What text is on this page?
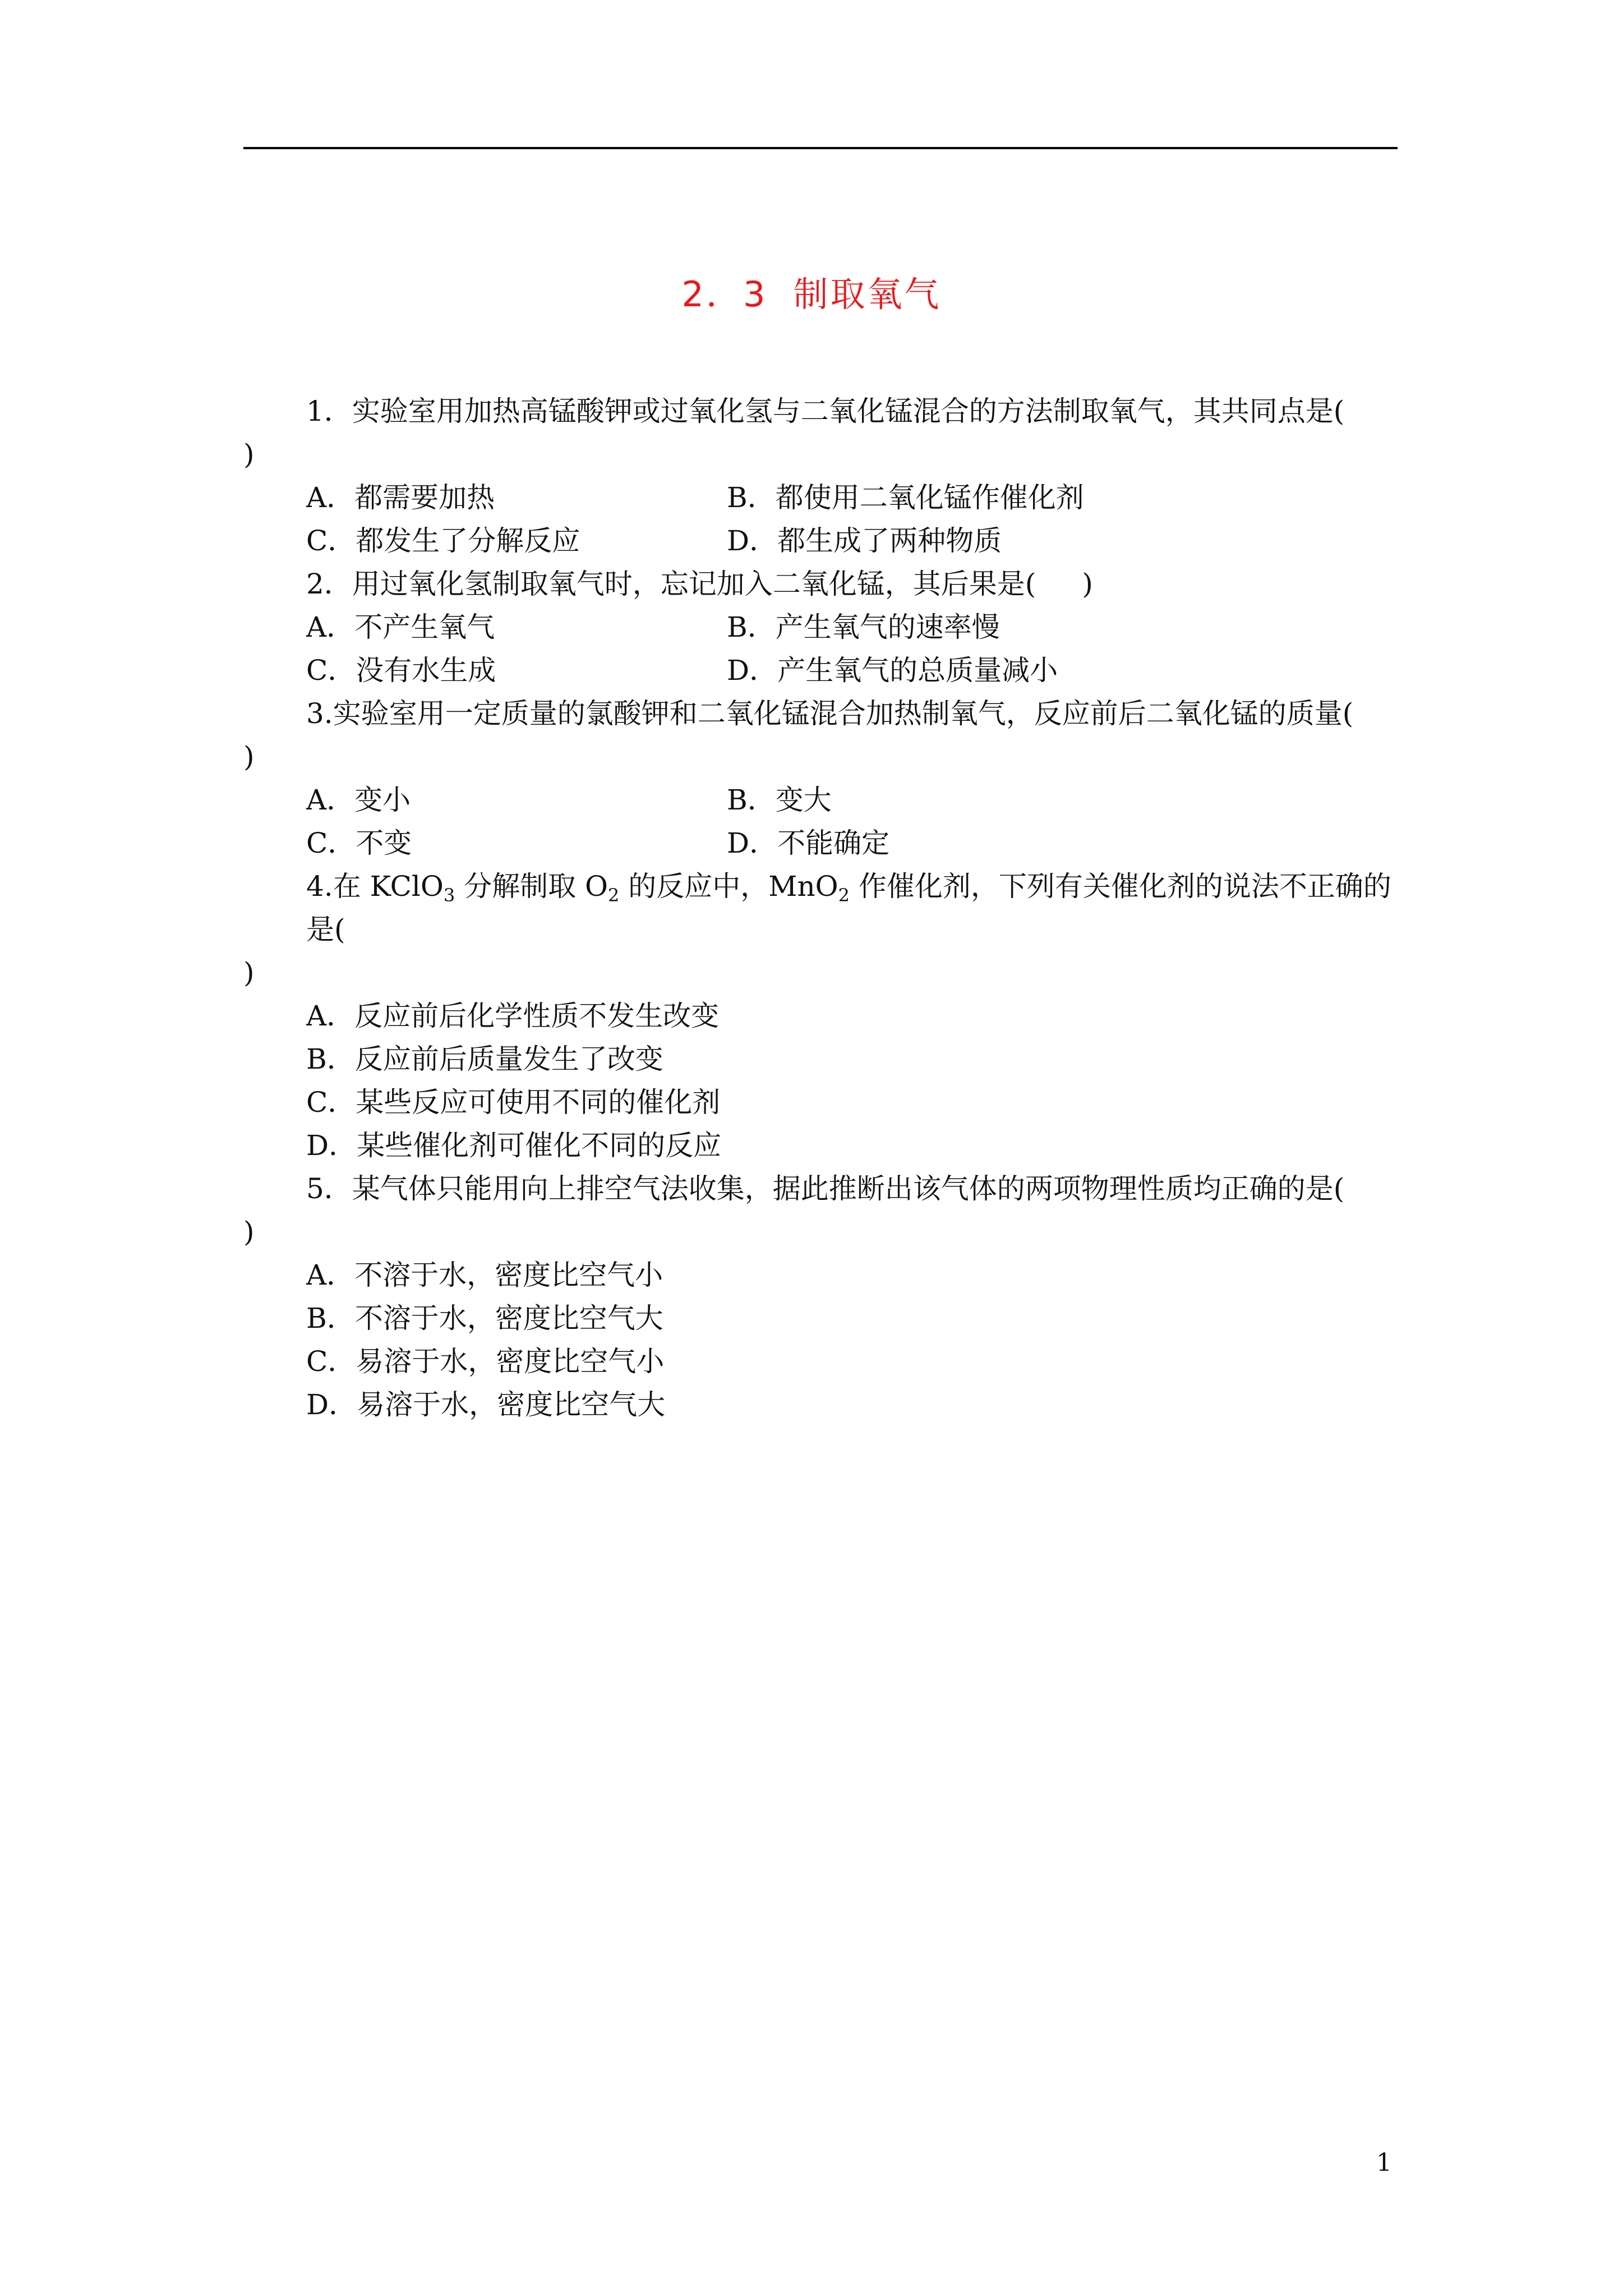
2．3 制取氧气
1．实验室用加热高锰酸钾或过氧化氢与二氧化锰混合的方法制取氧气，其共同点是(
)
A．都需要加热	B．都使用二氧化锰作催化剂
C．都发生了分解反应	D．都生成了两种物质
2．用过氧化氢制取氧气时，忘记加入二氧化锰，其后果是( )
A．不产生氧气	B．产生氧气的速率慢
C．没有水生成	D．产生氧气的总质量减小
3.实验室用一定质量的氯酸钾和二氧化锰混合加热制氧气，反应前后二氧化锰的质量(
)
A．变小	B．变大
C．不变	D．不能确定
4.在 KClO$_3$ 分解制取 $O_2$ 的反应中，MnO$_2$ 作催化剂，下列有关催化剂的说法不正确的是(
)
A．反应前后化学性质不发生改变
B．反应前后质量发生了改变
C．某些反应可使用不同的催化剂
D．某些催化剂可催化不同的反应
5．某气体只能用向上排空气法收集，据此推断出该气体的两项物理性质均正确的是(
)
A．不溶于水，密度比空气小
B．不溶于水，密度比空气大
C．易溶于水，密度比空气小
D．易溶于水，密度比空气大
1
